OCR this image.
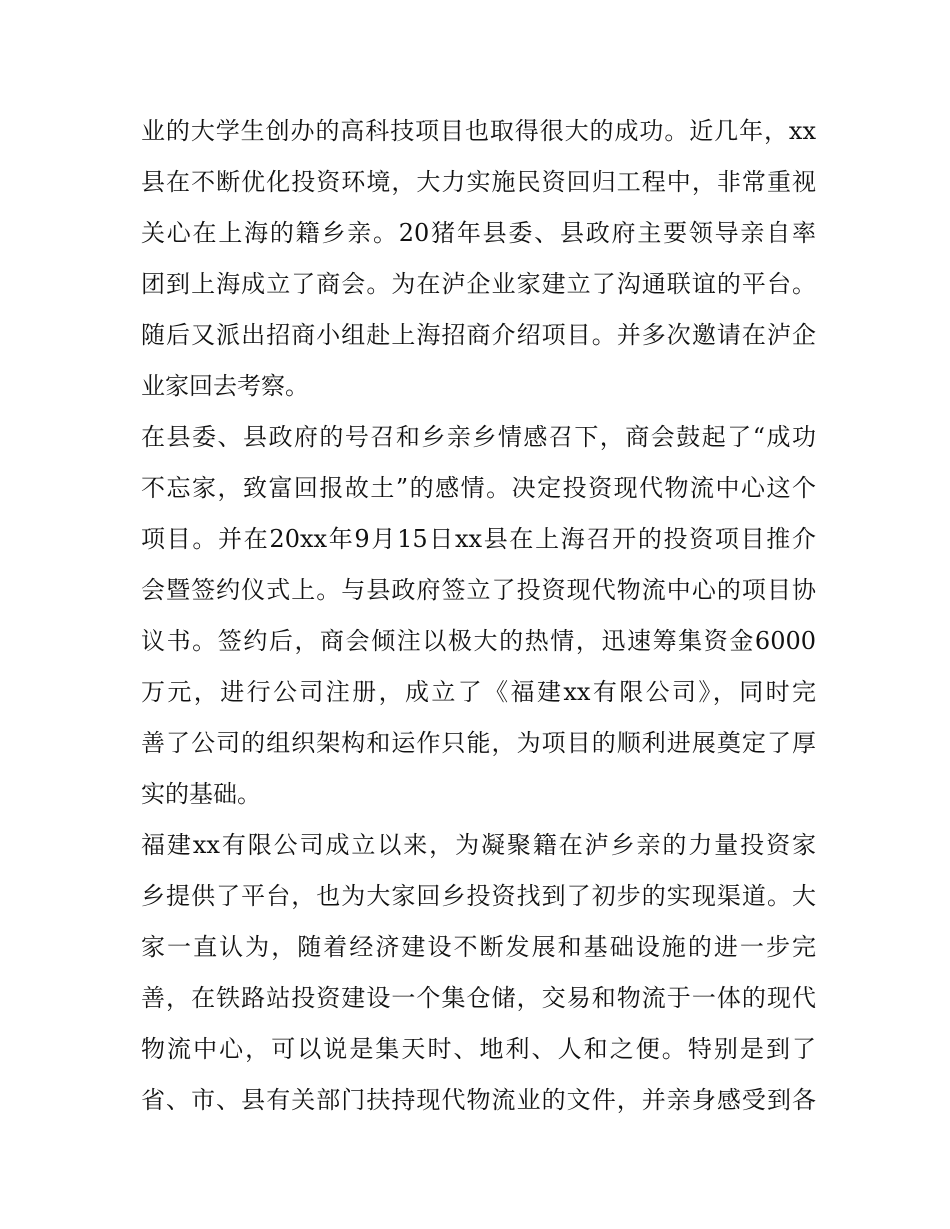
业的大学生创办的高科技项目也取得很大的成功。近几年，xx
县在不断优化投资环境，大力实施民资回归工程中，非常重视
关心在上海的籍乡亲。20猪年县委、县政府主要领导亲自率
团到上海成立了商会。为在泸企业家建立了沟通联谊的平台。
随后又派出招商小组赴上海招商介绍项目。并多次邀请在泸企
业家回去考察。
在县委、县政府的号召和乡亲乡情感召下，商会鼓起了“成功
不忘家，致富回报故土”的感情。决定投资现代物流中心这个
项目。并在20xx年9月15日xx县在上海召开的投资项目推介
会暨签约仪式上。与县政府签立了投资现代物流中心的项目协
议书。签约后，商会倾注以极大的热情，迅速筹集资金6000
万元，进行公司注册，成立了《福建xx有限公司》，同时完
善了公司的组织架构和运作只能，为项目的顺利进展奠定了厚
实的基础。
福建xx有限公司成立以来，为凝聚籍在泸乡亲的力量投资家
乡提供了平台，也为大家回乡投资找到了初步的实现渠道。大
家一直认为，随着经济建设不断发展和基础设施的进一步完
善，在铁路站投资建设一个集仓储，交易和物流于一体的现代
物流中心，可以说是集天时、地利、人和之便。特别是到了
省、市、县有关部门扶持现代物流业的文件，并亲身感受到各
